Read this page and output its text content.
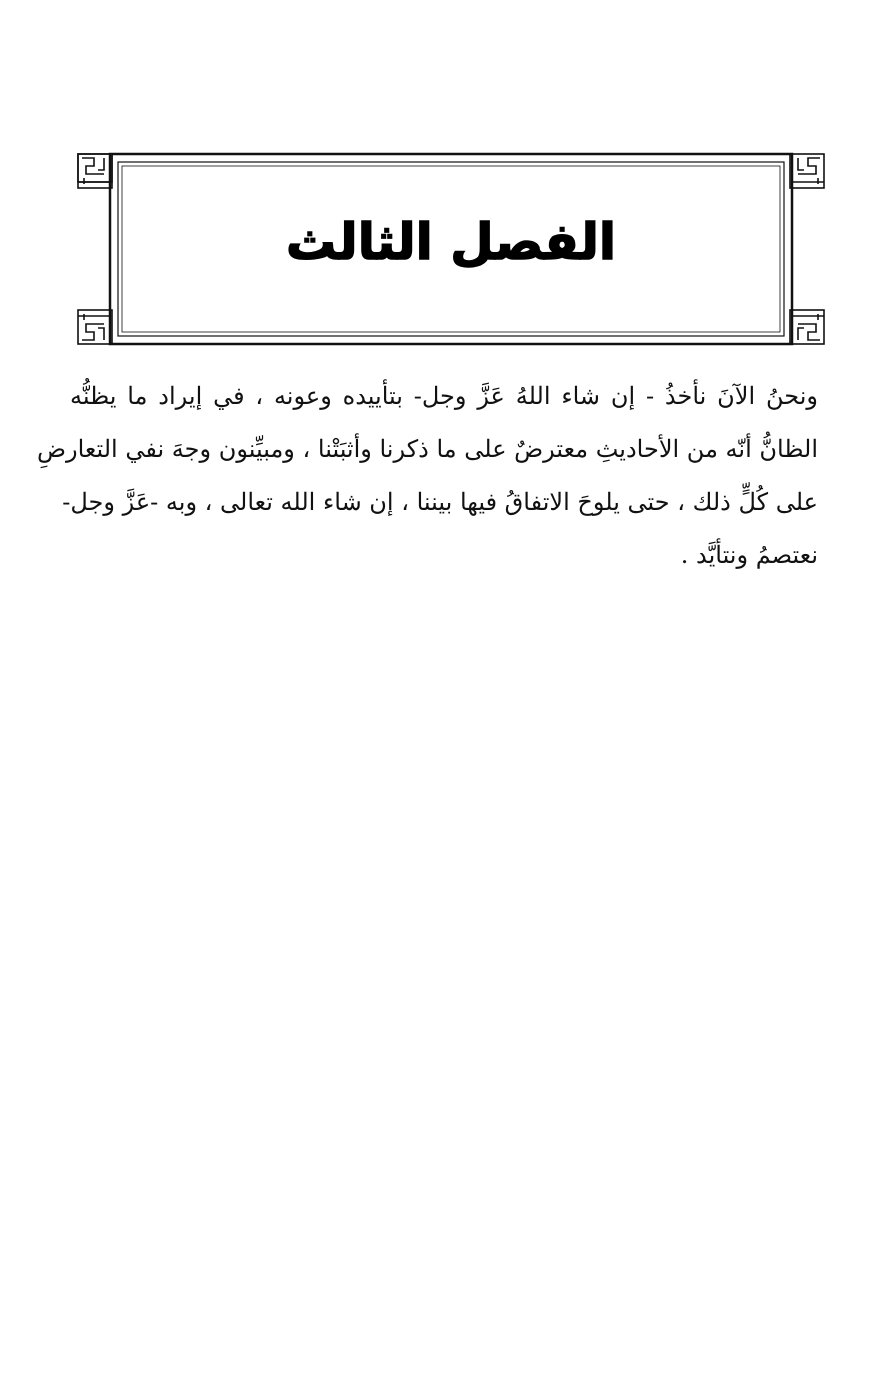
الفصل الثالث
ونحنُ الآنَ نأخذُ - إن شاء اللهُ عَزَّ وجل- بتأييده وعونه ، في إيراد ما يظنُّه
الظانُّ أنّه من الأحاديثِ معترضٌ على ما ذكرنا وأثبَتْنا ، ومبيِّنون وجهَ نفي التعارضِ
على كُلٍّ ذلك ، حتى يلوحَ الاتفاقُ فيها بيننا ، إن شاء الله تعالى ، وبه -عَزَّ وجل-
نعتصمُ ونتأيَّد .
